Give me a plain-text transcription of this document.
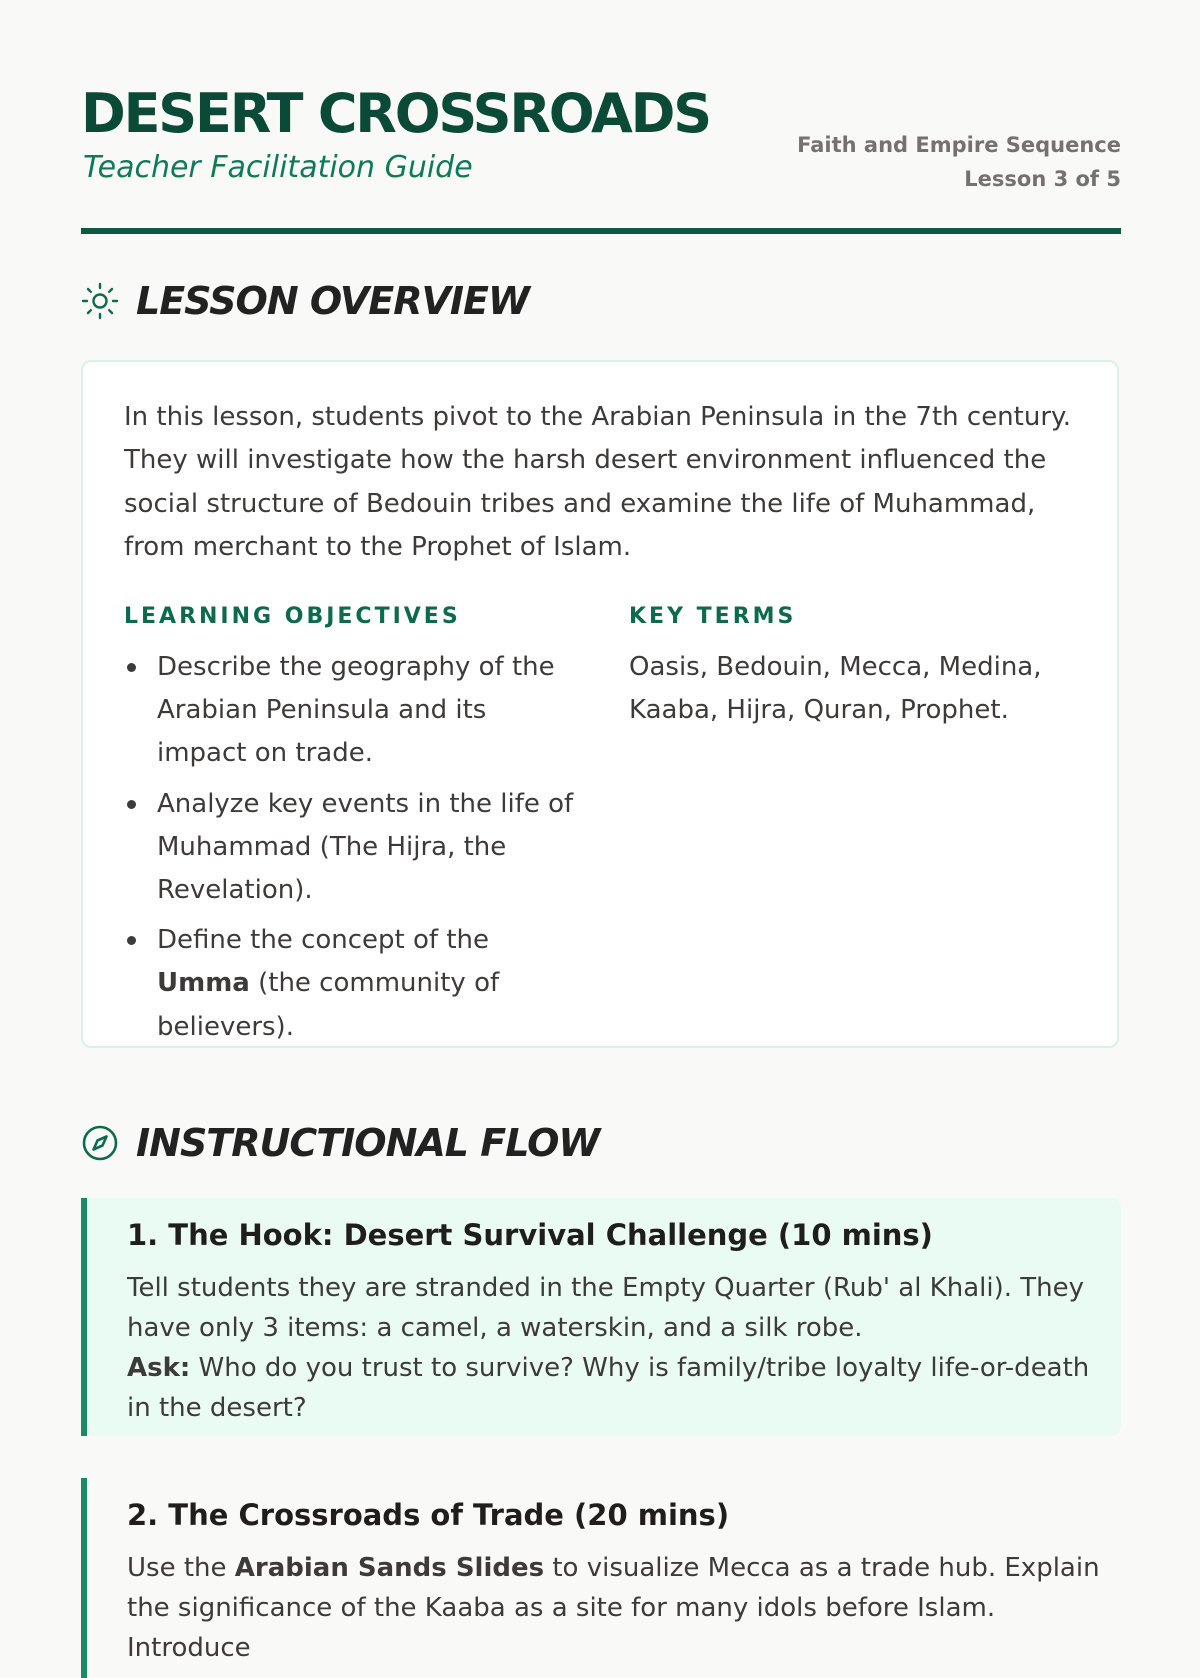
DESERT CROSSROADS
Teacher Facilitation Guide
Faith and Empire Sequence
Lesson 3 of 5
LESSON OVERVIEW

In this lesson, students pivot to the Arabian Peninsula in the 7th century. They will investigate how the harsh desert environment influenced the social structure of Bedouin tribes and examine the life of Muhammad, from merchant to the Prophet of Islam.

LEARNING OBJECTIVES
Describe the geography of the Arabian Peninsula and its impact on trade.
Analyze key events in the life of Muhammad (The Hijra, the Revelation).
Define the concept of the Umma (the community of believers).
KEY TERMS
Oasis, Bedouin, Mecca, Medina, Kaaba, Hijra, Quran, Prophet.
INSTRUCTIONAL FLOW
1. The Hook: Desert Survival Challenge (10 mins)

Tell students they are stranded in the Empty Quarter (Rub' al Khali). They have only 3 items: a camel, a waterskin, and a silk robe.

Ask: Who do you trust to survive? Why is family/tribe loyalty life-or-death in the desert?

2. The Crossroads of Trade (20 mins)

Use the Arabian Sands Slides to visualize Mecca as a trade hub. Explain the significance of the Kaaba as a site for many idols before Islam. Introduce
